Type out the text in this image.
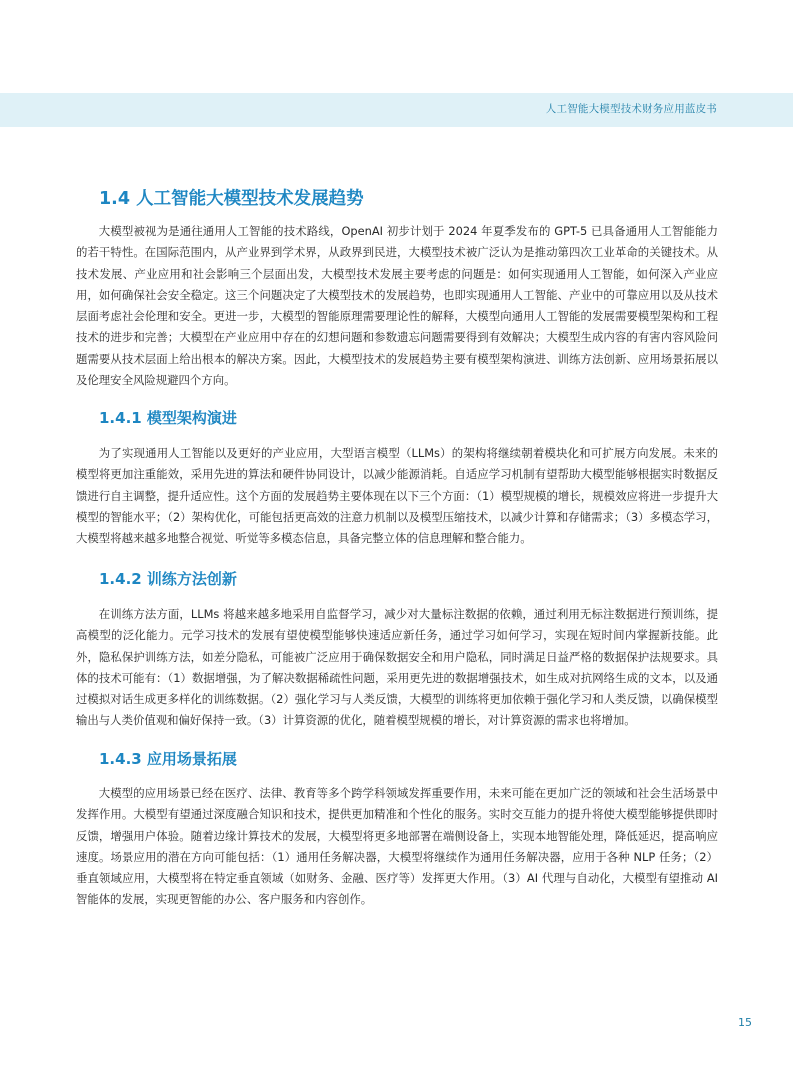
人工智能大模型技术财务应用蓝皮书
1.4 人工智能大模型技术发展趋势
大模型被视为是通往通用人工智能的技术路线，OpenAI 初步计划于 2024 年夏季发布的 GPT-5 已具备通用人工智能能力的若干特性。在国际范围内，从产业界到学术界，从政界到民进，大模型技术被广泛认为是推动第四次工业革命的关键技术。从技术发展、产业应用和社会影响三个层面出发，大模型技术发展主要考虑的问题是：如何实现通用人工智能，如何深入产业应用，如何确保社会安全稳定。这三个问题决定了大模型技术的发展趋势，也即实现通用人工智能、产业中的可靠应用以及从技术层面考虑社会伦理和安全。更进一步，大模型的智能原理需要理论性的解释，大模型向通用人工智能的发展需要模型架构和工程技术的进步和完善；大模型在产业应用中存在的幻想问题和参数遗忘问题需要得到有效解决；大模型生成内容的有害内容风险问题需要从技术层面上给出根本的解决方案。因此，大模型技术的发展趋势主要有模型架构演进、训练方法创新、应用场景拓展以及伦理安全风险规避四个方向。
1.4.1 模型架构演进
为了实现通用人工智能以及更好的产业应用，大型语言模型（LLMs）的架构将继续朝着模块化和可扩展方向发展。未来的模型将更加注重能效，采用先进的算法和硬件协同设计，以减少能源消耗。自适应学习机制有望帮助大模型能够根据实时数据反馈进行自主调整，提升适应性。这个方面的发展趋势主要体现在以下三个方面：（1）模型规模的增长，规模效应将进一步提升大模型的智能水平；（2）架构优化，可能包括更高效的注意力机制以及模型压缩技术，以减少计算和存储需求；（3）多模态学习，大模型将越来越多地整合视觉、听觉等多模态信息，具备完整立体的信息理解和整合能力。
1.4.2 训练方法创新
在训练方法方面，LLMs 将越来越多地采用自监督学习，减少对大量标注数据的依赖，通过利用无标注数据进行预训练，提高模型的泛化能力。元学习技术的发展有望使模型能够快速适应新任务，通过学习如何学习，实现在短时间内掌握新技能。此外，隐私保护训练方法，如差分隐私，可能被广泛应用于确保数据安全和用户隐私，同时满足日益严格的数据保护法规要求。具体的技术可能有：（1）数据增强，为了解决数据稀疏性问题，采用更先进的数据增强技术，如生成对抗网络生成的文本，以及通过模拟对话生成更多样化的训练数据。（2）强化学习与人类反馈，大模型的训练将更加依赖于强化学习和人类反馈，以确保模型输出与人类价值观和偏好保持一致。（3）计算资源的优化，随着模型规模的增长，对计算资源的需求也将增加。
1.4.3 应用场景拓展
大模型的应用场景已经在医疗、法律、教育等多个跨学科领域发挥重要作用，未来可能在更加广泛的领域和社会生活场景中发挥作用。大模型有望通过深度融合知识和技术，提供更加精准和个性化的服务。实时交互能力的提升将使大模型能够提供即时反馈，增强用户体验。随着边缘计算技术的发展，大模型将更多地部署在端侧设备上，实现本地智能处理，降低延迟，提高响应速度。场景应用的潜在方向可能包括：（1）通用任务解决器，大模型将继续作为通用任务解决器，应用于各种 NLP 任务；（2）垂直领域应用，大模型将在特定垂直领域（如财务、金融、医疗等）发挥更大作用。（3）AI 代理与自动化，大模型有望推动 AI 智能体的发展，实现更智能的办公、客户服务和内容创作。
15
